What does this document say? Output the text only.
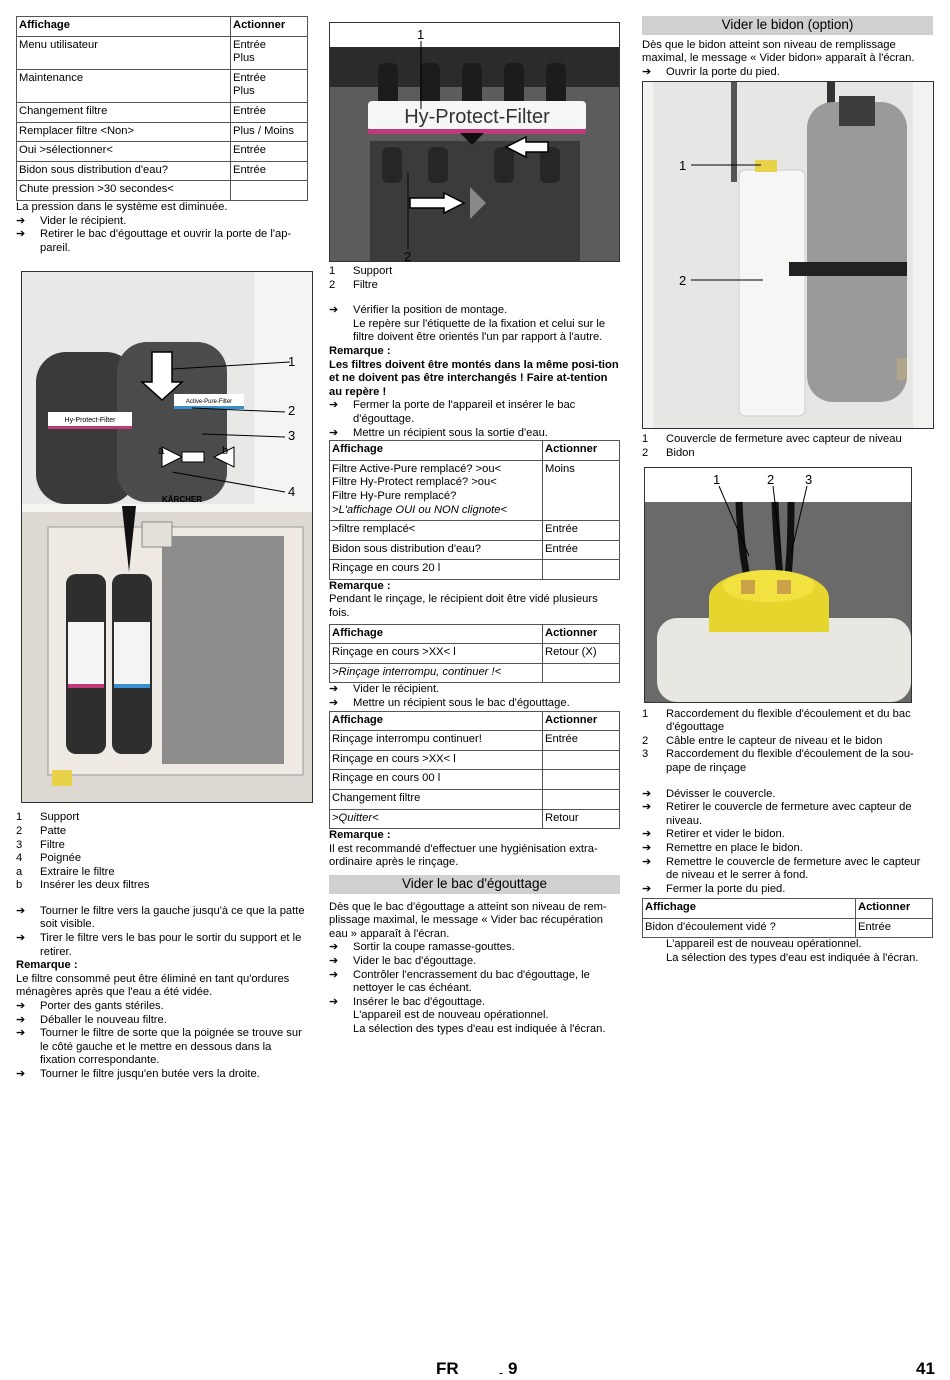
Affichage	Actionner
Menu utilisateur	Entrée
Plus
Maintenance	Entrée
Plus
Changement filtre	Entrée
Remplacer filtre <Non>	Plus / Moins
Oui >sélectionner<	Entrée
Bidon sous distribution d'eau?	Entrée
Chute pression >30 secondes<	

La pression dans le système est diminuée.

➔ Vider le récipient.
➔ Retirer le bac d'égouttage et ouvrir la porte de l'ap-pareil.
Hy-Protect-Filter
Active-Pure-Filter
1
2
3
4
a	b
KÄRCHER
1	Support
2	Patte
3	Filtre
4	Poignée
a	Extraire le filtre
b	Insérer les deux filtres
➔ Tourner le filtre vers la gauche jusqu'à ce que la patte soit visible.
➔ Tirer le filtre vers le bas pour le sortir du support et le retirer.

Remarque :

Le filtre consommé peut être éliminé en tant qu'ordures ménagères après que l'eau a été vidée.

➔ Porter des gants stériles.
➔ Déballer le nouveau filtre.
➔ Tourner le filtre de sorte que la poignée se trouve sur le côté gauche et le mettre en dessous dans la fixation correspondante.
➔ Tourner le filtre jusqu'en butée vers la droite.
Hy-Protect-Filter
1
2
1	Support
2	Filtre
➔ Vérifier la position de montage.

Le repère sur l'étiquette de la fixation et celui sur le filtre doivent être orientés l'un par rapport à l'autre.

Remarque :

Les filtres doivent être montés dans la même posi-tion et ne doivent pas être interchangés ! Faire at-tention au repère !

➔ Fermer la porte de l'appareil et insérer le bac d'égouttage.
➔ Mettre un récipient sous la sortie d'eau.
Affichage	Actionner
Filtre Active-Pure remplacé? >ou<
Filtre Hy-Protect remplacé? >ou<
Filtre Hy-Pure remplacé?
>L'affichage OUI ou NON clignote<	Moins
>filtre remplacé<	Entrée
Bidon sous distribution d'eau?	Entrée
Rinçage en cours 20 l	

Remarque :

Pendant le rinçage, le récipient doit être vidé plusieurs fois.

Affichage	Actionner
Rinçage en cours >XX< l	Retour (X)
>Rinçage interrompu, continuer !<	
➔ Vider le récipient.
➔ Mettre un récipient sous le bac d'égouttage.
Affichage	Actionner
Rinçage interrompu continuer!	Entrée
Rinçage en cours >XX< l	
Rinçage en cours 00 l	
Changement filtre	
>Quitter<	Retour

Remarque :

Il est recommandé d'effectuer une hygiénisation extra-ordinaire après le rinçage.

Vider le bac d'égouttage

Dès que le bac d'égouttage a atteint son niveau de rem-plissage maximal, le message « Vider bac récupération eau » apparaît à l'écran.

➔ Sortir la coupe ramasse-gouttes.
➔ Vider le bac d'égouttage.
➔ Contrôler l'encrassement du bac d'égouttage, le nettoyer le cas échéant.
➔ Insérer le bac d'égouttage.

L'appareil est de nouveau opérationnel.

La sélection des types d'eau est indiquée à l'écran.

Vider le bidon (option)

Dès que le bidon atteint son niveau de remplissage maximal, le message « Vider bidon» apparaît à l'écran.

➔ Ouvrir la porte du pied.
1
2
1	Couvercle de fermeture avec capteur de niveau
2	Bidon
1	2 3
1	Raccordement du flexible d'écoulement et du bac d'égouttage
2	Câble entre le capteur de niveau et le bidon
3	Raccordement du flexible d'écoulement de la sou-pape de rinçage
➔ Dévisser le couvercle.
➔ Retirer le couvercle de fermeture avec capteur de niveau.
➔ Retirer et vider le bidon.
➔ Remettre en place le bidon.
➔ Remettre le couvercle de fermeture avec le capteur de niveau et le serrer à fond.
➔ Fermer la porte du pied.
Affichage	Actionner
Bidon d'écoulement vidé ?	Entrée

L'appareil est de nouveau opérationnel.

La sélection des types d'eau est indiquée à l'écran.

FR	- 9	41
